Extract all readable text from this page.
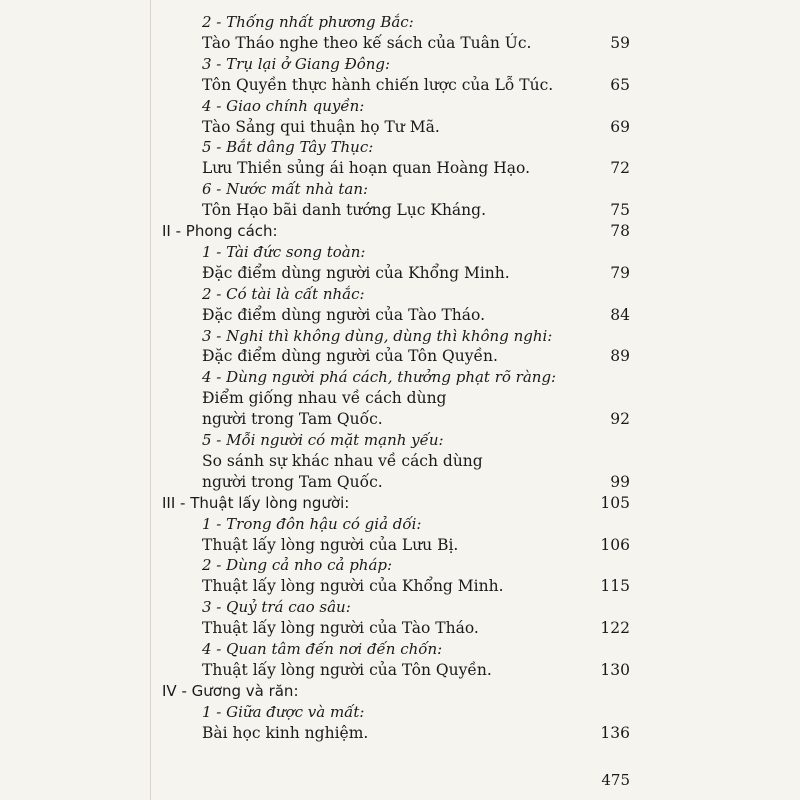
2 - Thống nhất phương Bắc:
Tào Tháo nghe theo kế sách của Tuân Úc.	59
3 - Trụ lại ở Giang Đông:
Tôn Quyền thực hành chiến lược của Lỗ Túc.	65
4 - Giao chính quyền:
Tào Sảng qui thuận họ Tư Mã.	69
5 - Bắt dâng Tây Thục:
Lưu Thiền sủng ái hoạn quan Hoàng Hạo.	72
6 - Nước mất nhà tan:
Tôn Hạo bãi danh tướng Lục Kháng.	75
II - Phong cách:	78
1 - Tài đức song toàn:
Đặc điểm dùng người của Khổng Minh.	79
2 - Có tài là cất nhắc:
Đặc điểm dùng người của Tào Tháo.	84
3 - Nghi thì không dùng, dùng thì không nghi:
Đặc điểm dùng người của Tôn Quyền.	89
4 - Dùng người phá cách, thưởng phạt rõ ràng:
Điểm giống nhau về cách dùng
người trong Tam Quốc.	92
5 - Mỗi người có mặt mạnh yếu:
So sánh sự khác nhau về cách dùng
người trong Tam Quốc.	99
III - Thuật lấy lòng người:	105
1 - Trong đôn hậu có giả dối:
Thuật lấy lòng người của Lưu Bị.	106
2 - Dùng cả nho cả pháp:
Thuật lấy lòng người của Khổng Minh.	115
3 - Quỷ trá cao sâu:
Thuật lấy lòng người của Tào Tháo.	122
4 - Quan tâm đến nơi đến chốn:
Thuật lấy lòng người của Tôn Quyền.	130
IV - Gương và răn:
1 - Giữa được và mất:
Bài học kinh nghiệm.	136
475
